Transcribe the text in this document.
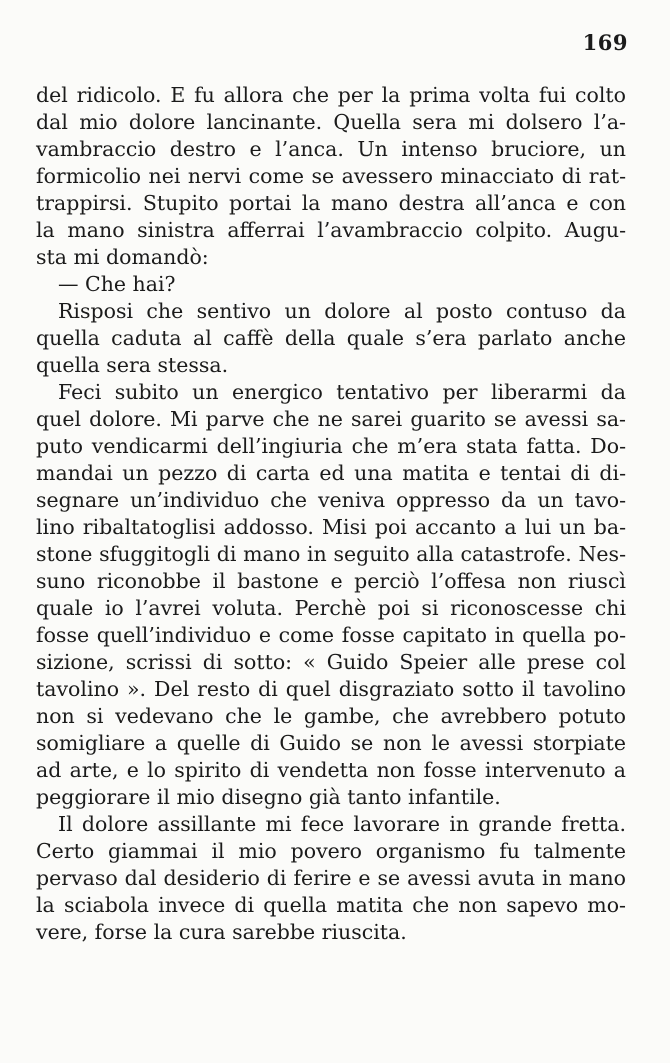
169
del ridicolo. E fu allora che per la prima volta fui colto
dal mio dolore lancinante. Quella sera mi dolsero l’a-
vambraccio destro e l’anca. Un intenso bruciore, un
formicolio nei nervi come se avessero minacciato di rat-
trappirsi. Stupito portai la mano destra all’anca e con
la mano sinistra afferrai l’avambraccio colpito. Augu-
sta mi domandò:
— Che hai?
Risposi che sentivo un dolore al posto contuso da
quella caduta al caffè della quale s’era parlato anche
quella sera stessa.
Feci subito un energico tentativo per liberarmi da
quel dolore. Mi parve che ne sarei guarito se avessi sa-
puto vendicarmi dell’ingiuria che m’era stata fatta. Do-
mandai un pezzo di carta ed una matita e tentai di di-
segnare un’individuo che veniva oppresso da un tavo-
lino ribaltatoglisi addosso. Misi poi accanto a lui un ba-
stone sfuggitogli di mano in seguito alla catastrofe. Nes-
suno riconobbe il bastone e perciò l’offesa non riuscì
quale io l’avrei voluta. Perchè poi si riconoscesse chi
fosse quell’individuo e come fosse capitato in quella po-
sizione, scrissi di sotto: « Guido Speier alle prese col
tavolino ». Del resto di quel disgraziato sotto il tavolino
non si vedevano che le gambe, che avrebbero potuto
somigliare a quelle di Guido se non le avessi storpiate
ad arte, e lo spirito di vendetta non fosse intervenuto a
peggiorare il mio disegno già tanto infantile.
Il dolore assillante mi fece lavorare in grande fretta.
Certo giammai il mio povero organismo fu talmente
pervaso dal desiderio di ferire e se avessi avuta in mano
la sciabola invece di quella matita che non sapevo mo-
vere, forse la cura sarebbe riuscita.
